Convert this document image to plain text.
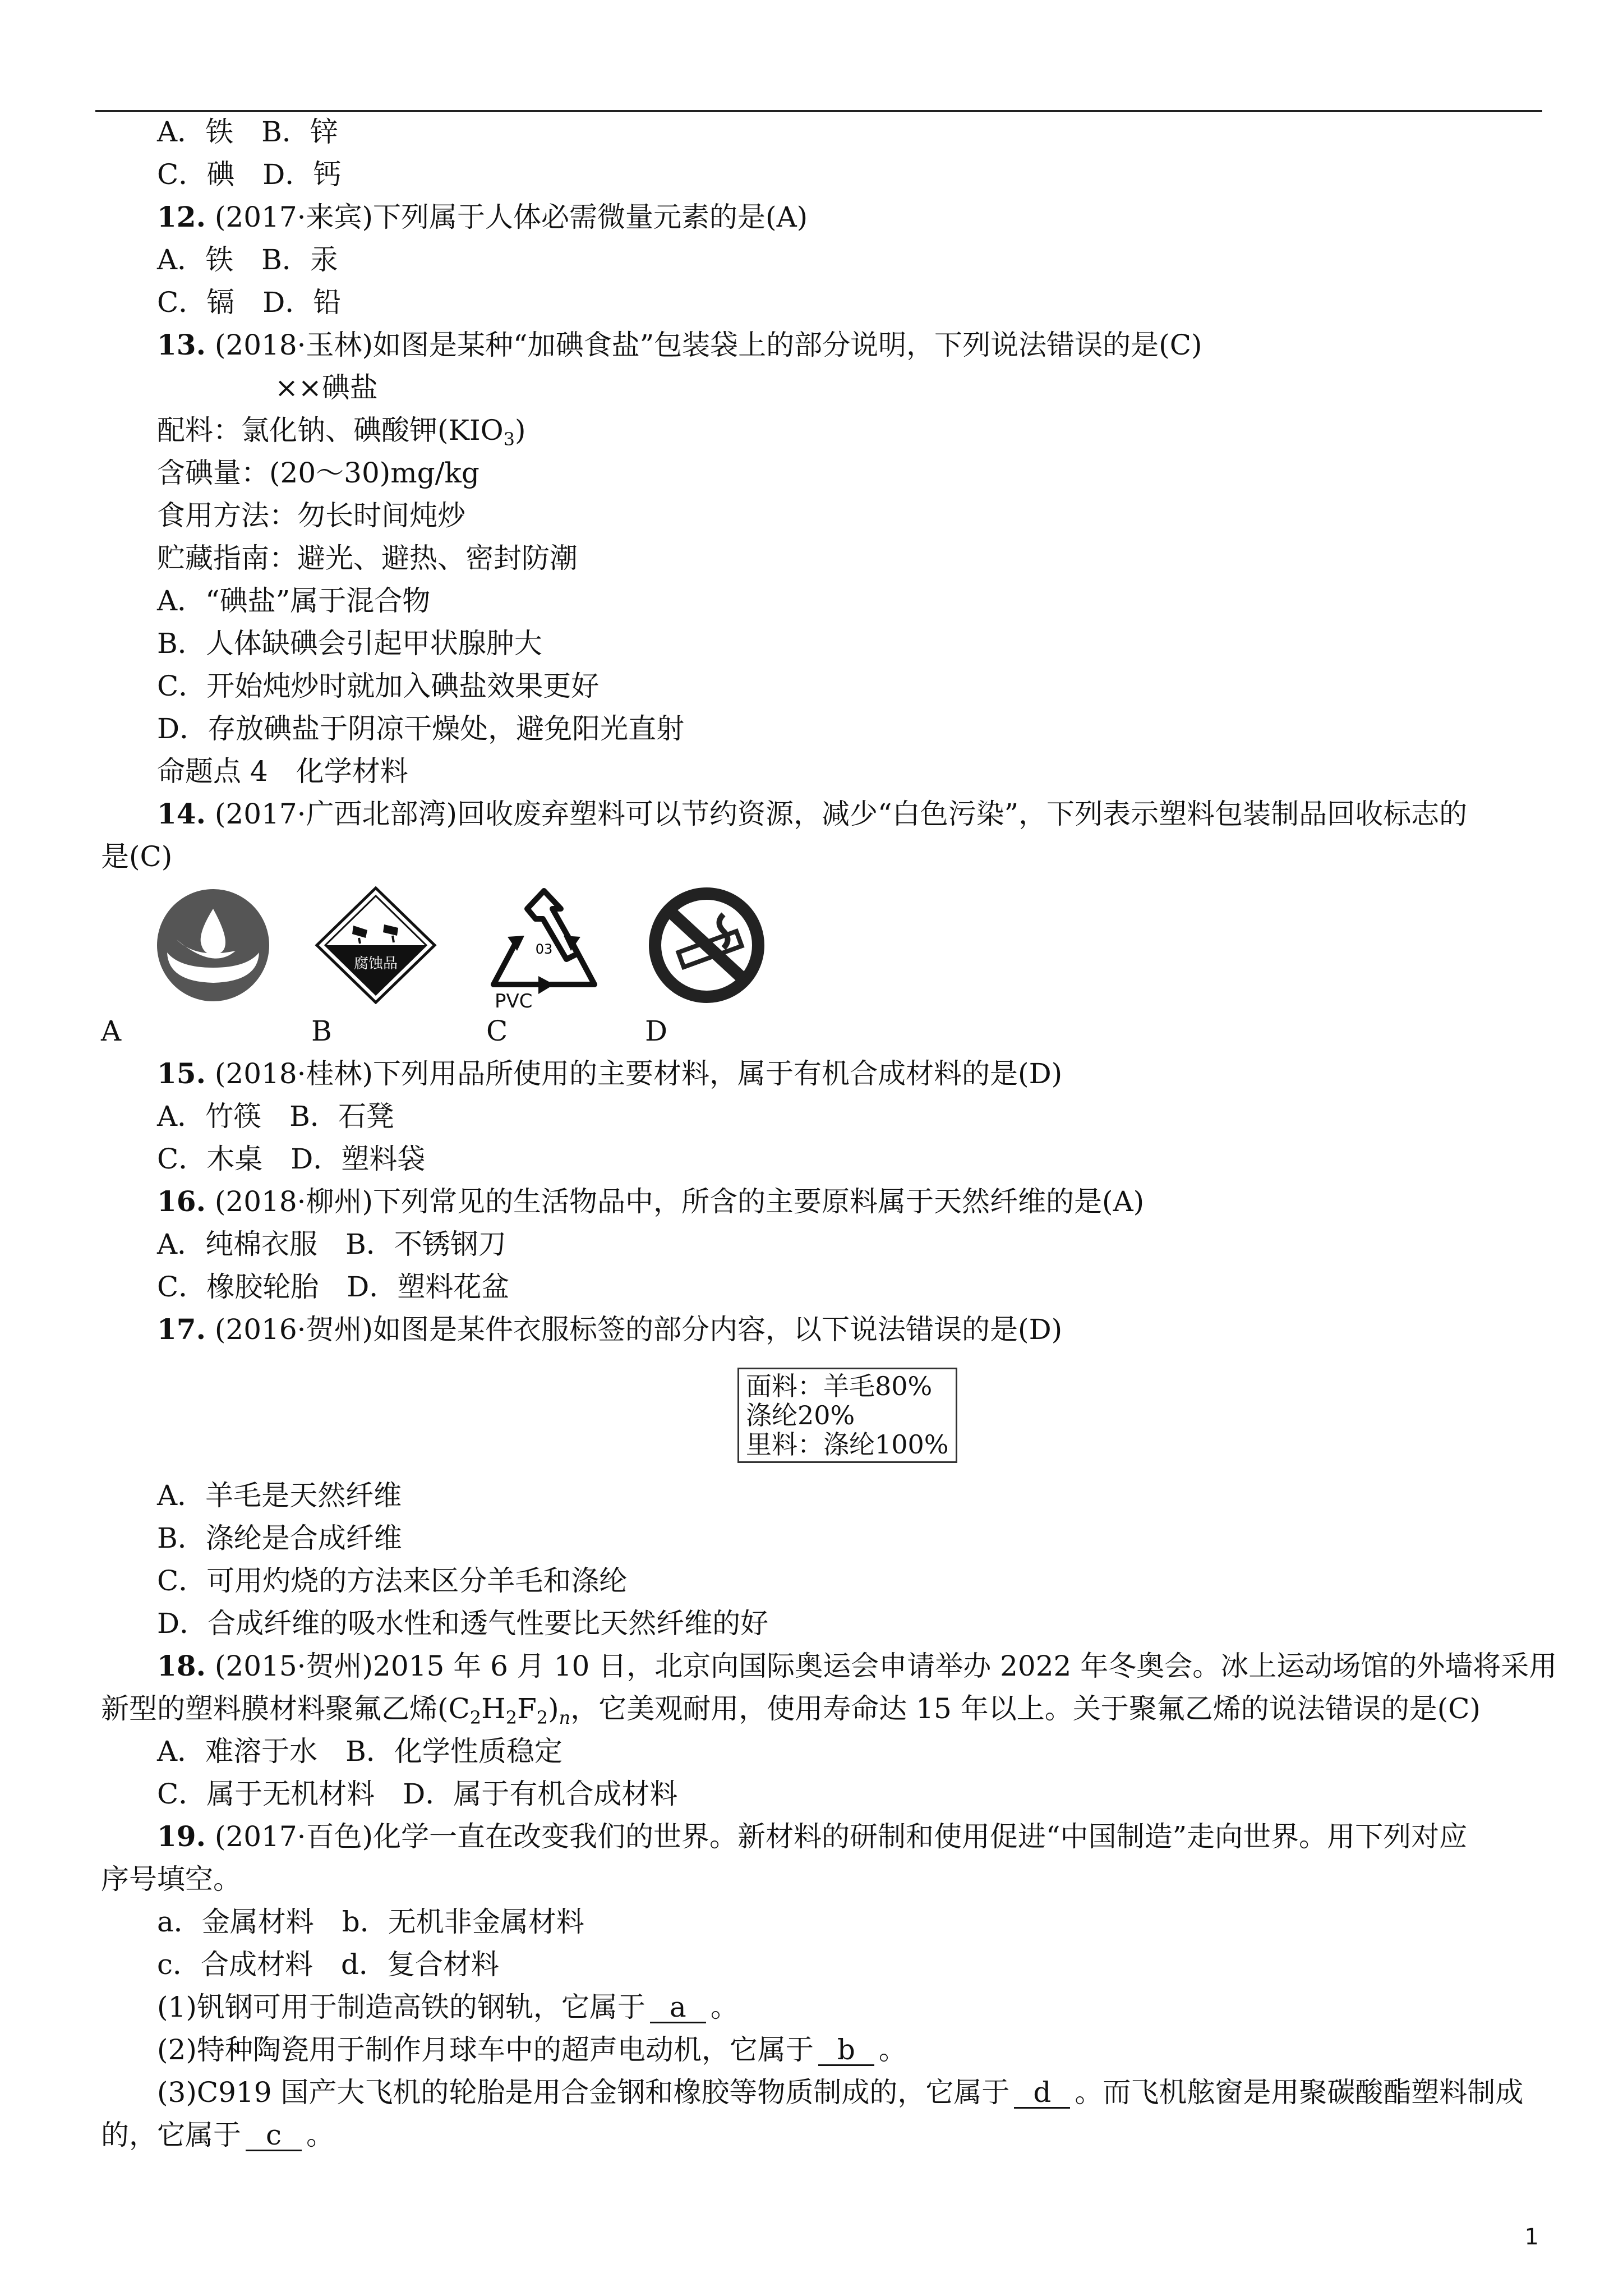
A．铁　B．锌
C．碘　D．钙
12. (2017·来宾)下列属于人体必需微量元素的是(A)
A．铁　B．汞
C．镉　D．铅
13. (2018·玉林)如图是某种“加碘食盐”包装袋上的部分说明，下列说法错误的是(C)
××碘盐
配料：氯化钠、碘酸钾$(KIO_3)$
含碘量：(20～30)mg/kg
食用方法：勿长时间炖炒
贮藏指南：避光、避热、密封防潮
A．“碘盐”属于混合物
B．人体缺碘会引起甲状腺肿大
C．开始炖炒时就加入碘盐效果更好
D．存放碘盐于阴凉干燥处，避免阳光直射
命题点 4　化学材料
14. (2017·广西北部湾)回收废弃塑料可以节约资源，减少“白色污染”，下列表示塑料包装制品回收标志的
是(C)
腐蚀品
03
PVC
A	B	C	D
15. (2018·桂林)下列用品所使用的主要材料，属于有机合成材料的是(D)
A．竹筷　B．石凳
C．木桌　D．塑料袋
16. (2018·柳州)下列常见的生活物品中，所含的主要原料属于天然纤维的是(A)
A．纯棉衣服　B．不锈钢刀
C．橡胶轮胎　D．塑料花盆
17. (2016·贺州)如图是某件衣服标签的部分内容，以下说法错误的是(D)
面料：羊毛80%
涤纶20%
里料：涤纶100%
A．羊毛是天然纤维
B．涤纶是合成纤维
C．可用灼烧的方法来区分羊毛和涤纶
D．合成纤维的吸水性和透气性要比天然纤维的好
18. (2015·贺州)2015 年 6 月 10 日，北京向国际奥运会申请举办 2022 年冬奥会。冰上运动场馆的外墙将采用
新型的塑料膜材料聚氟乙烯$(C_2H_2F_2)_n$，它美观耐用，使用寿命达 15 年以上。关于聚氟乙烯的说法错误的是(C)
A．难溶于水　B．化学性质稳定
C．属于无机材料　D．属于有机合成材料
19. (2017·百色)化学一直在改变我们的世界。新材料的研制和使用促进“中国制造”走向世界。用下列对应
序号填空。
a．金属材料　b．无机非金属材料
c．合成材料　d．复合材料
(1)钒钢可用于制造高铁的钢轨，它属于 a 。
(2)特种陶瓷用于制作月球车中的超声电动机，它属于 b 。
(3)C919 国产大飞机的轮胎是用合金钢和橡胶等物质制成的，它属于 d 。而飞机舷窗是用聚碳酸酯塑料制成
的，它属于 c 。
1
